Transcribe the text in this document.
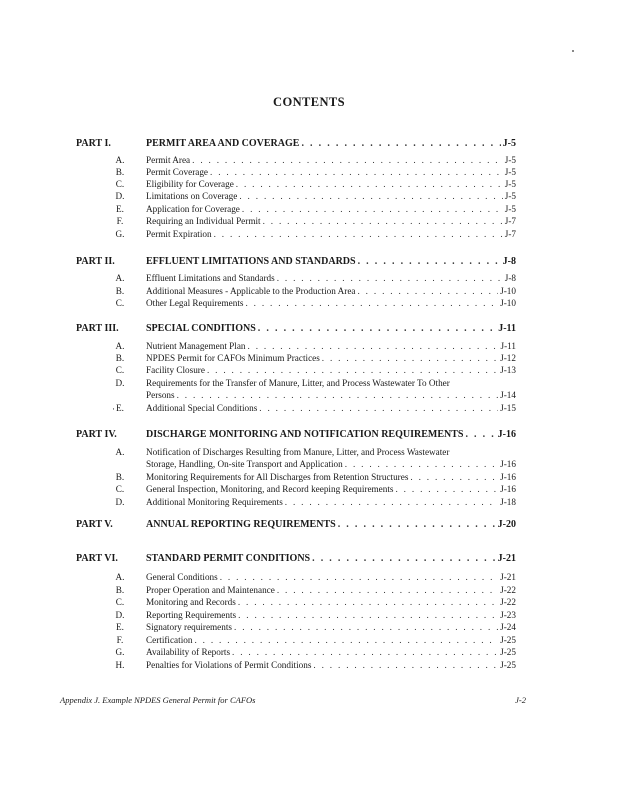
CONTENTS
PART I.	PERMIT AREA AND COVERAGE . . .	J-5
A. Permit Area . . .	J-5
B. Permit Coverage . . .	J-5
C. Eligibility for Coverage . . .	J-5
D. Limitations on Coverage . . .	J-5
E. Application for Coverage . . .	J-5
F. Requiring an Individual Permit . . .	J-7
G. Permit Expiration . . .	J-7
PART II.	EFFLUENT LIMITATIONS AND STANDARDS . . .	J-8
A. Effluent Limitations and Standards . . .	J-8
B. Additional Measures - Applicable to the Production Area . . .	J-10
C. Other Legal Requirements . . .	J-10
PART III.	SPECIAL CONDITIONS . . .	J-11
A. Nutrient Management Plan . . .	J-11
B. NPDES Permit for CAFOs Minimum Practices . . .	J-12
C. Facility Closure . . .	J-13
D. Requirements for the Transfer of Manure, Litter, and Process Wastewater To Other
Persons . . .	J-14
· E. Additional Special Conditions . . .	J-15
PART IV.	DISCHARGE MONITORING AND NOTIFICATION REQUIREMENTS . . .	J-16
A. Notification of Discharges Resulting from Manure, Litter, and Process Wastewater
Storage, Handling, On-site Transport and Application . . .	J-16
B. Monitoring Requirements for All Discharges from Retention Structures . . .	J-16
C. General Inspection, Monitoring, and Record keeping Requirements . . .	J-16
D. Additional Monitoring Requirements . . .	J-18
PART V.	ANNUAL REPORTING REQUIREMENTS . . .	J-20
PART VI.	STANDARD PERMIT CONDITIONS . . .	J-21
A. General Conditions . . .	J-21
B. Proper Operation and Maintenance . . .	J-22
C. Monitoring and Records . . .	J-22
D. Reporting Requirements . . .	J-23
E. Signatory requirements . . .	J-24
F. Certification . . .	J-25
G. Availability of Reports . . .	J-25
H. Penalties for Violations of Permit Conditions . . .	J-25
Appendix J. Example NPDES General Permit for CAFOs	J-2
